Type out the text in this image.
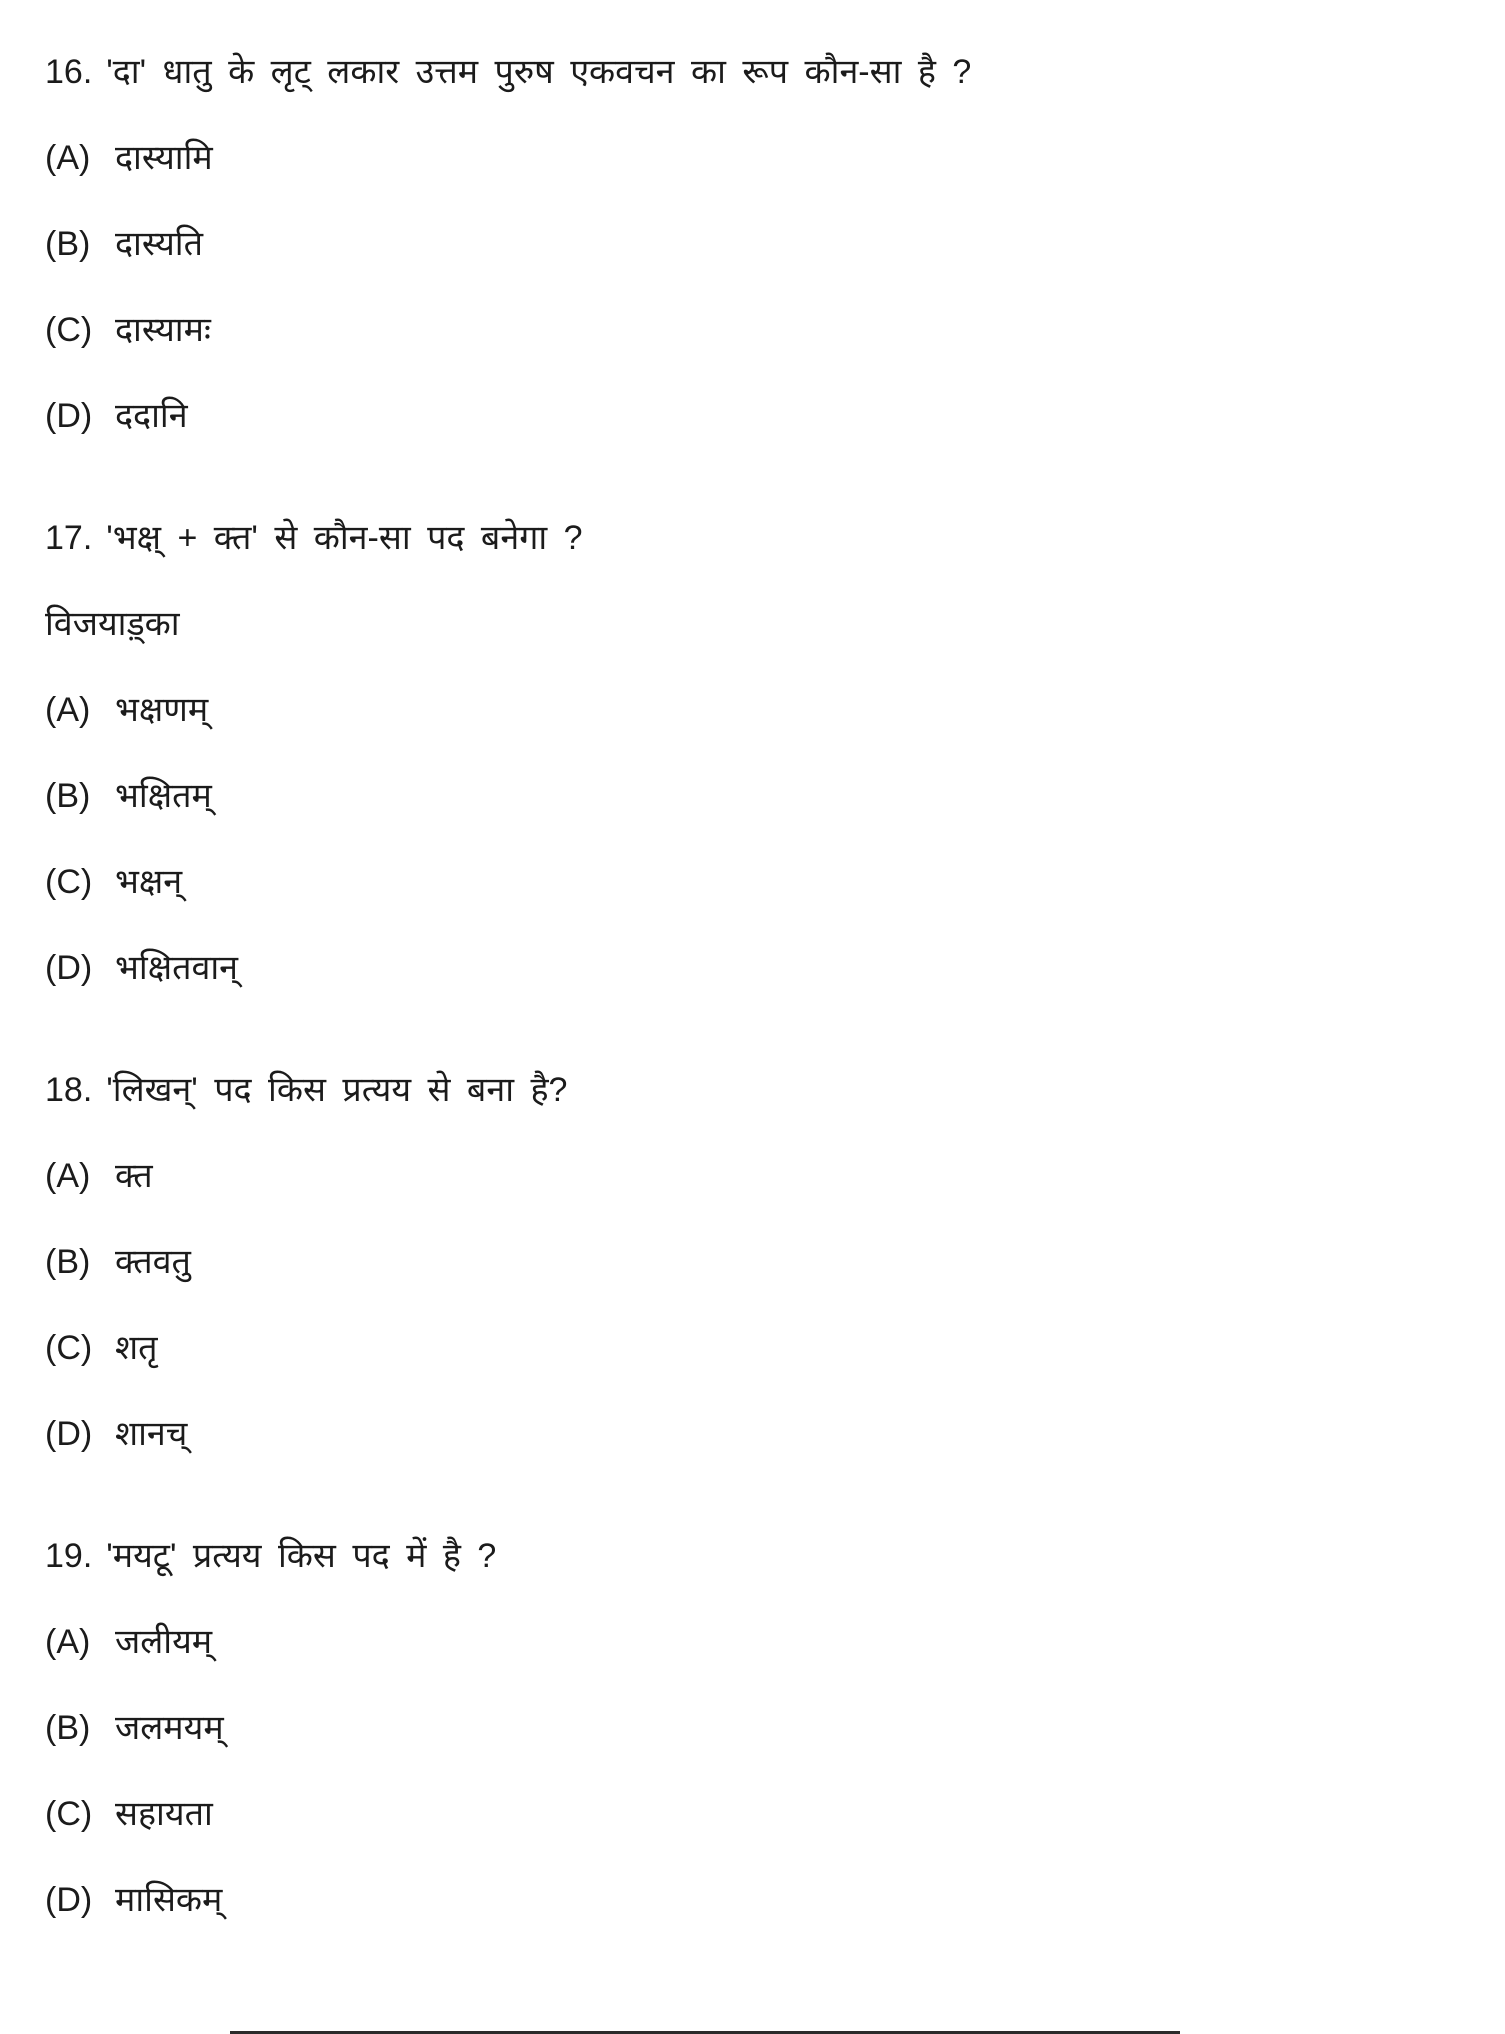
16. 'दा' धातु के लृट् लकार उत्तम पुरुष एकवचन का रूप कौन-सा है ?

(A) दास्यामि
(B) दास्यति
(C) दास्यामः
(D) ददानि

17. 'भक्ष् + क्त' से कौन-सा पद बनेगा ?

विजयाड़्का

(A) भक्षणम्
(B) भक्षितम्
(C) भक्षन्
(D) भक्षितवान्

18. 'लिखन्' पद किस प्रत्यय से बना है?

(A) क्त
(B) क्तवतु
(C) शतृ
(D) शानच्

19. 'मयटू' प्रत्यय किस पद में है ?

(A) जलीयम्
(B) जलमयम्
(C) सहायता
(D) मासिकम्
